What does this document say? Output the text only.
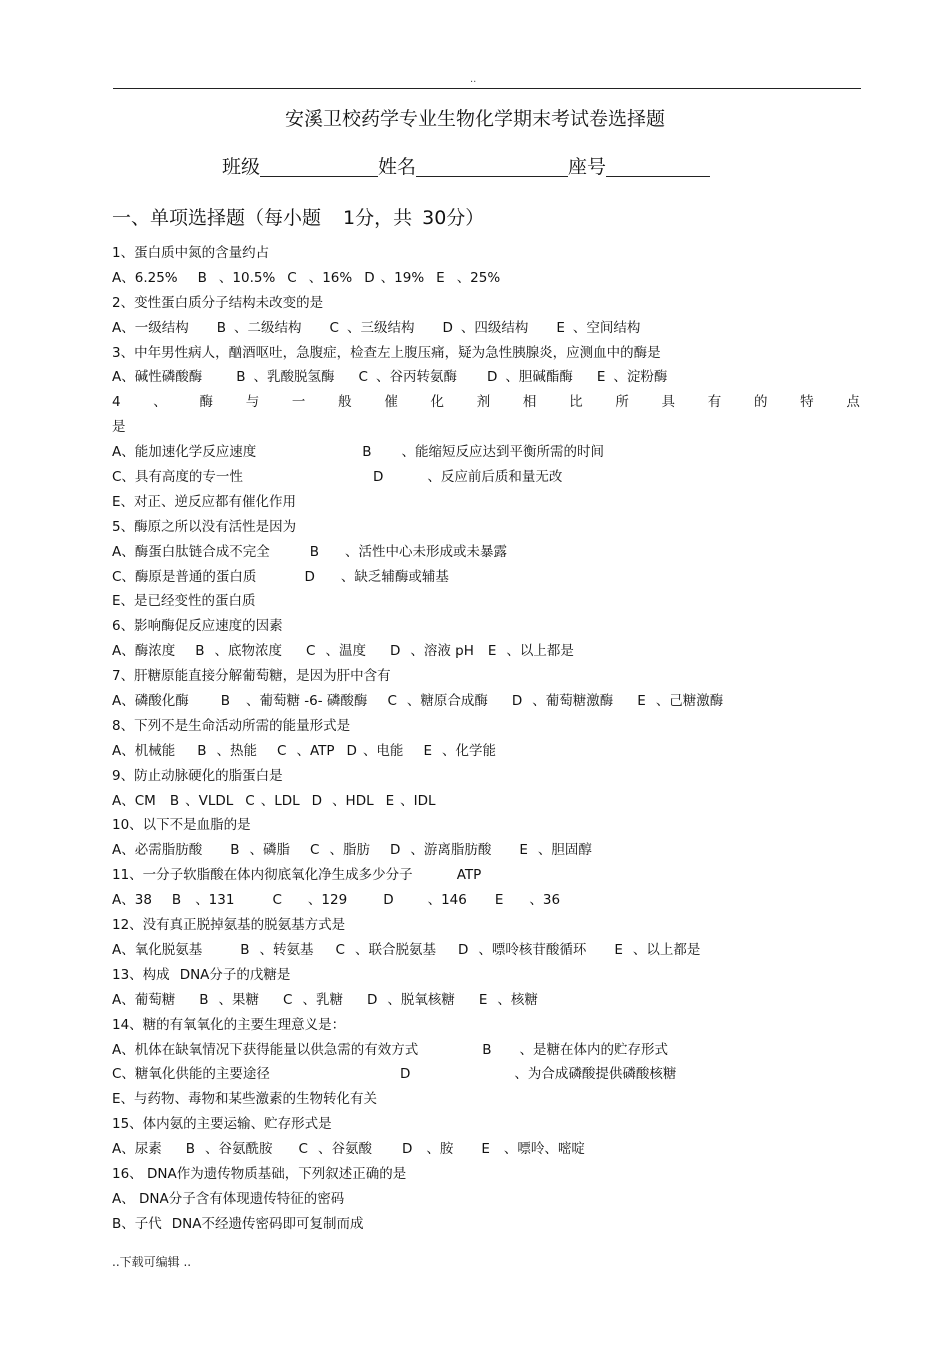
..
安溪卫校药学专业生物化学期末考试卷选择题
班级	姓名	座号
一、单项选择题（每小题 1分，共 30分）
1、蛋白质中氮的含量约占
A、6.25% B 、10.5% C 、16% D 、19% E 、25%
2、变性蛋白质分子结构未改变的是
A、一级结构 B 、二级结构 C 、三级结构 D 、四级结构 E 、空间结构
3、中年男性病人，酗酒呕吐，急腹症，检查左上腹压痛，疑为急性胰腺炎，应测血中的酶是
A、碱性磷酸酶	B 、乳酸脱氢酶 C 、谷丙转氨酶 D 、胆碱酯酶 E 、淀粉酶
4 、 酶 与 一 般 催 化 剂 相 比 所 具 有 的 特 点
是
A、能加速化学反应速度	B 、能缩短反应达到平衡所需的时间
C、具有高度的专一性	D	、反应前后质和量无改
E、对正、逆反应都有催化作用
5、酶原之所以没有活性是因为
A、酶蛋白肽链合成不完全	B 、活性中心未形成或未暴露
C、酶原是普通的蛋白质	D 、缺乏辅酶或辅基
E、是已经变性的蛋白质
6、影响酶促反应速度的因素
A、酶浓度 B 、底物浓度 C 、温度 D 、溶液 pH E 、以上都是
7、肝糖原能直接分解葡萄糖，是因为肝中含有
A、磷酸化酶 B 、葡萄糖 -6- 磷酸酶 C 、糖原合成酶 D 、葡萄糖激酶 E 、己糖激酶
8、下列不是生命活动所需的能量形式是
A、机械能 B 、热能 C 、ATP D 、电能 E 、化学能
9、防止动脉硬化的脂蛋白是
A、CM B 、VLDL C 、LDL D 、HDL E 、IDL
10、以下不是血脂的是
A、必需脂肪酸 B 、磷脂 C 、脂肪 D 、游离脂肪酸 E 、胆固醇
11、一分子软脂酸在体内彻底氧化净生成多少分子	ATP
A、38 B 、131	C 、129	D	、146 E 、36
12、没有真正脱掉氨基的脱氨基方式是
A、氧化脱氨基	B 、转氨基 C 、联合脱氨基 D 、嘌呤核苷酸循环 E 、以上都是
13、构成 DNA分子的戊糖是
A、葡萄糖 B 、果糖 C 、乳糖 D 、脱氧核糖 E 、核糖
14、糖的有氧氧化的主要生理意义是：
A、机体在缺氧情况下获得能量以供急需的有效方式	B 、是糖在体内的贮存形式
C、糖氧化供能的主要途径	D	、为合成磷酸提供磷酸核糖
E、与药物、毒物和某些激素的生物转化有关
15、体内氨的主要运输、贮存形式是
A、尿素 B 、谷氨酰胺 C 、谷氨酸 D 、胺 E 、嘌呤、嘧啶
16、 DNA作为遗传物质基础，下列叙述正确的是
A、 DNA分子含有体现遗传特征的密码
B、子代 DNA不经遗传密码即可复制而成
..下载可编辑 ..
